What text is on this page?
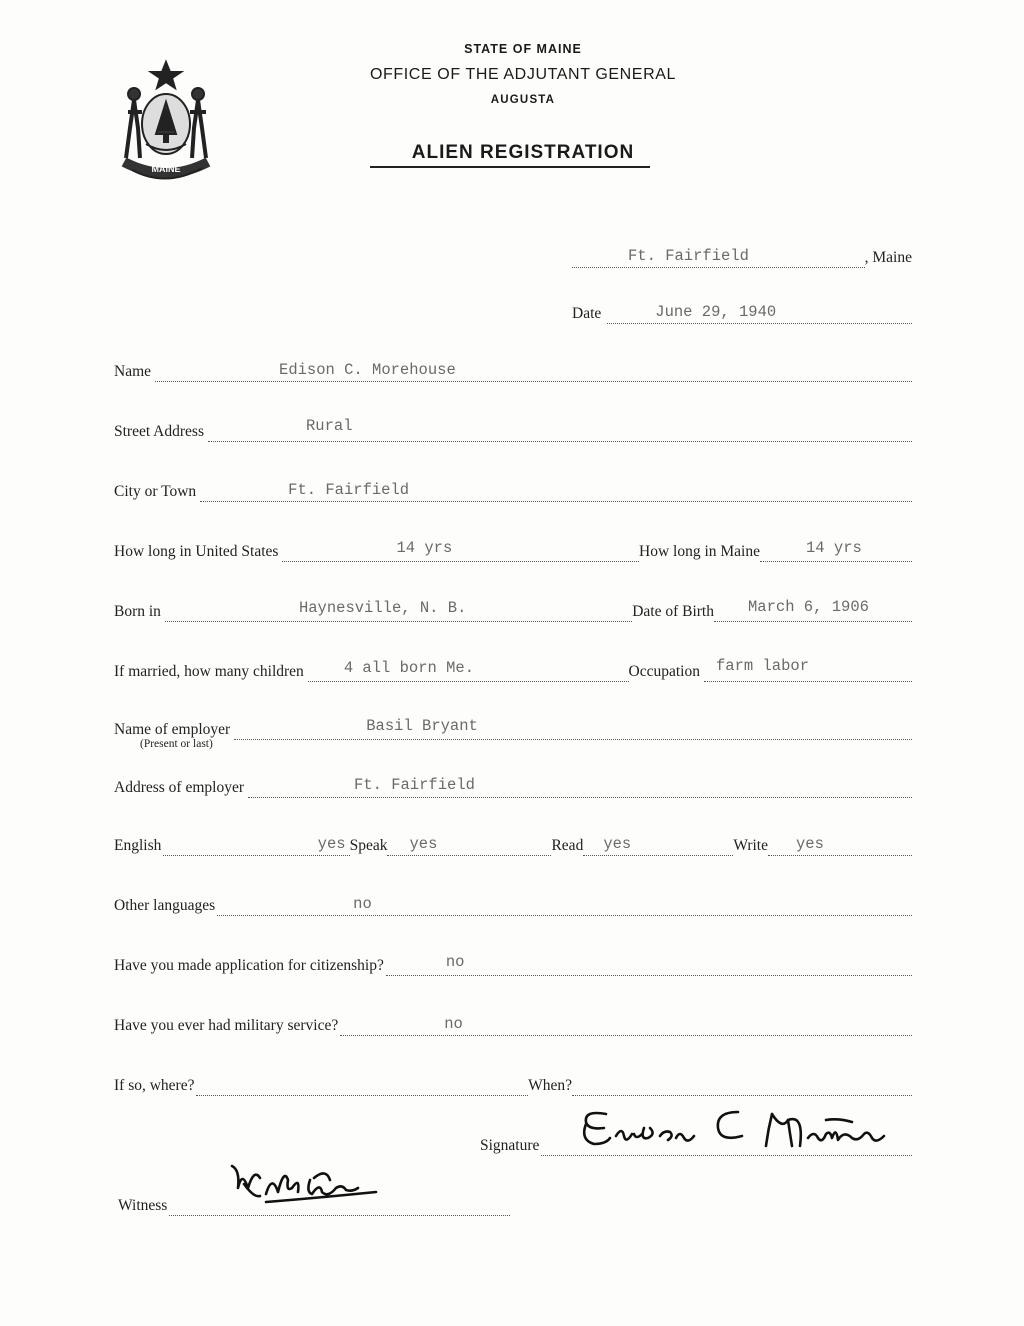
MAINE
STATE OF MAINE
OFFICE OF THE ADJUTANT GENERAL
AUGUSTA
ALIEN REGISTRATION
Ft. Fairfield	, Maine
Date	June 29, 1940
Name	Edison C. Morehouse
Street Address	Rural
City or Town	Ft. Fairfield
How long in United States	14 yrs	How long in Maine	14 yrs
Born in	Haynesville, N. B.	Date of Birth March 6, 1906
If married, how many children	4 all born Me.	Occupation farm labor
Name of employer	Basil Bryant
(Present or last)
Address of employer	Ft. Fairfield
English	yes Speak yes	Read yes	Write yes
Other languages	no
Have you made application for citizenship?	no
Have you ever had military service?	no
If so, where?	When?
Signature
Witness
